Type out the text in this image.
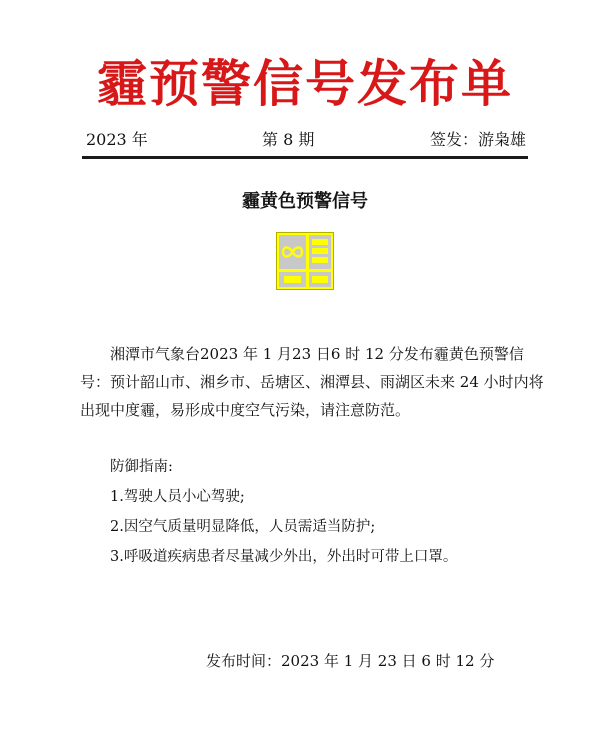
霾预警信号发布单
2023 年	第 8 期	签发：游枭雄
霾黄色预警信号
湘潭市气象台2023 年 1 月23 日6 时 12 分发布霾黄色预警信号：预计韶山市、湘乡市、岳塘区、湘潭县、雨湖区未来 24 小时内将出现中度霾，易形成中度空气污染，请注意防范。
防御指南:
1.驾驶人员小心驾驶;
2.因空气质量明显降低，人员需适当防护;
3.呼吸道疾病患者尽量减少外出，外出时可带上口罩。
发布时间：2023 年 1 月 23 日 6 时 12 分
